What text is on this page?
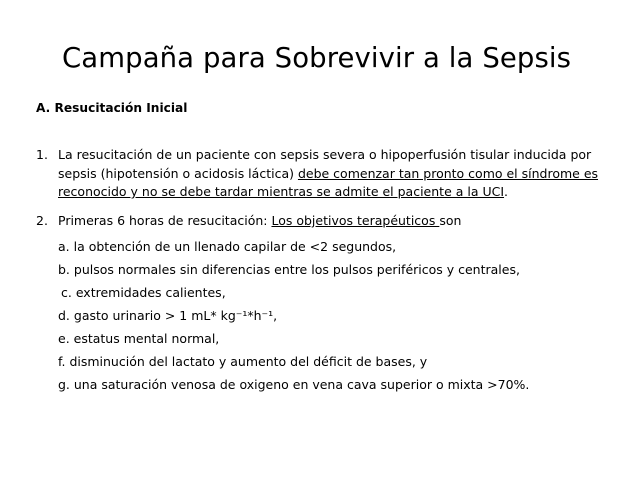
Campaña para Sobrevivir a la Sepsis
A. Resucitación Inicial
1. La resucitación de un paciente con sepsis severa o hipoperfusión tisular inducida por
sepsis (hipotensión o acidosis láctica) debe comenzar tan pronto como el síndrome es
reconocido y no se debe tardar mientras se admite el paciente a la UCI.
2. Primeras 6 horas de resucitación: Los objetivos terapéuticos son
a. la obtención de un llenado capilar de <2 segundos,
b. pulsos normales sin diferencias entre los pulsos periféricos y centrales,
c. extremidades calientes,
d. gasto urinario > 1 mL* kg⁻¹*h⁻¹,
e. estatus mental normal,
f. disminución del lactato y aumento del déficit de bases, y
g. una saturación venosa de oxigeno en vena cava superior o mixta >70%.
